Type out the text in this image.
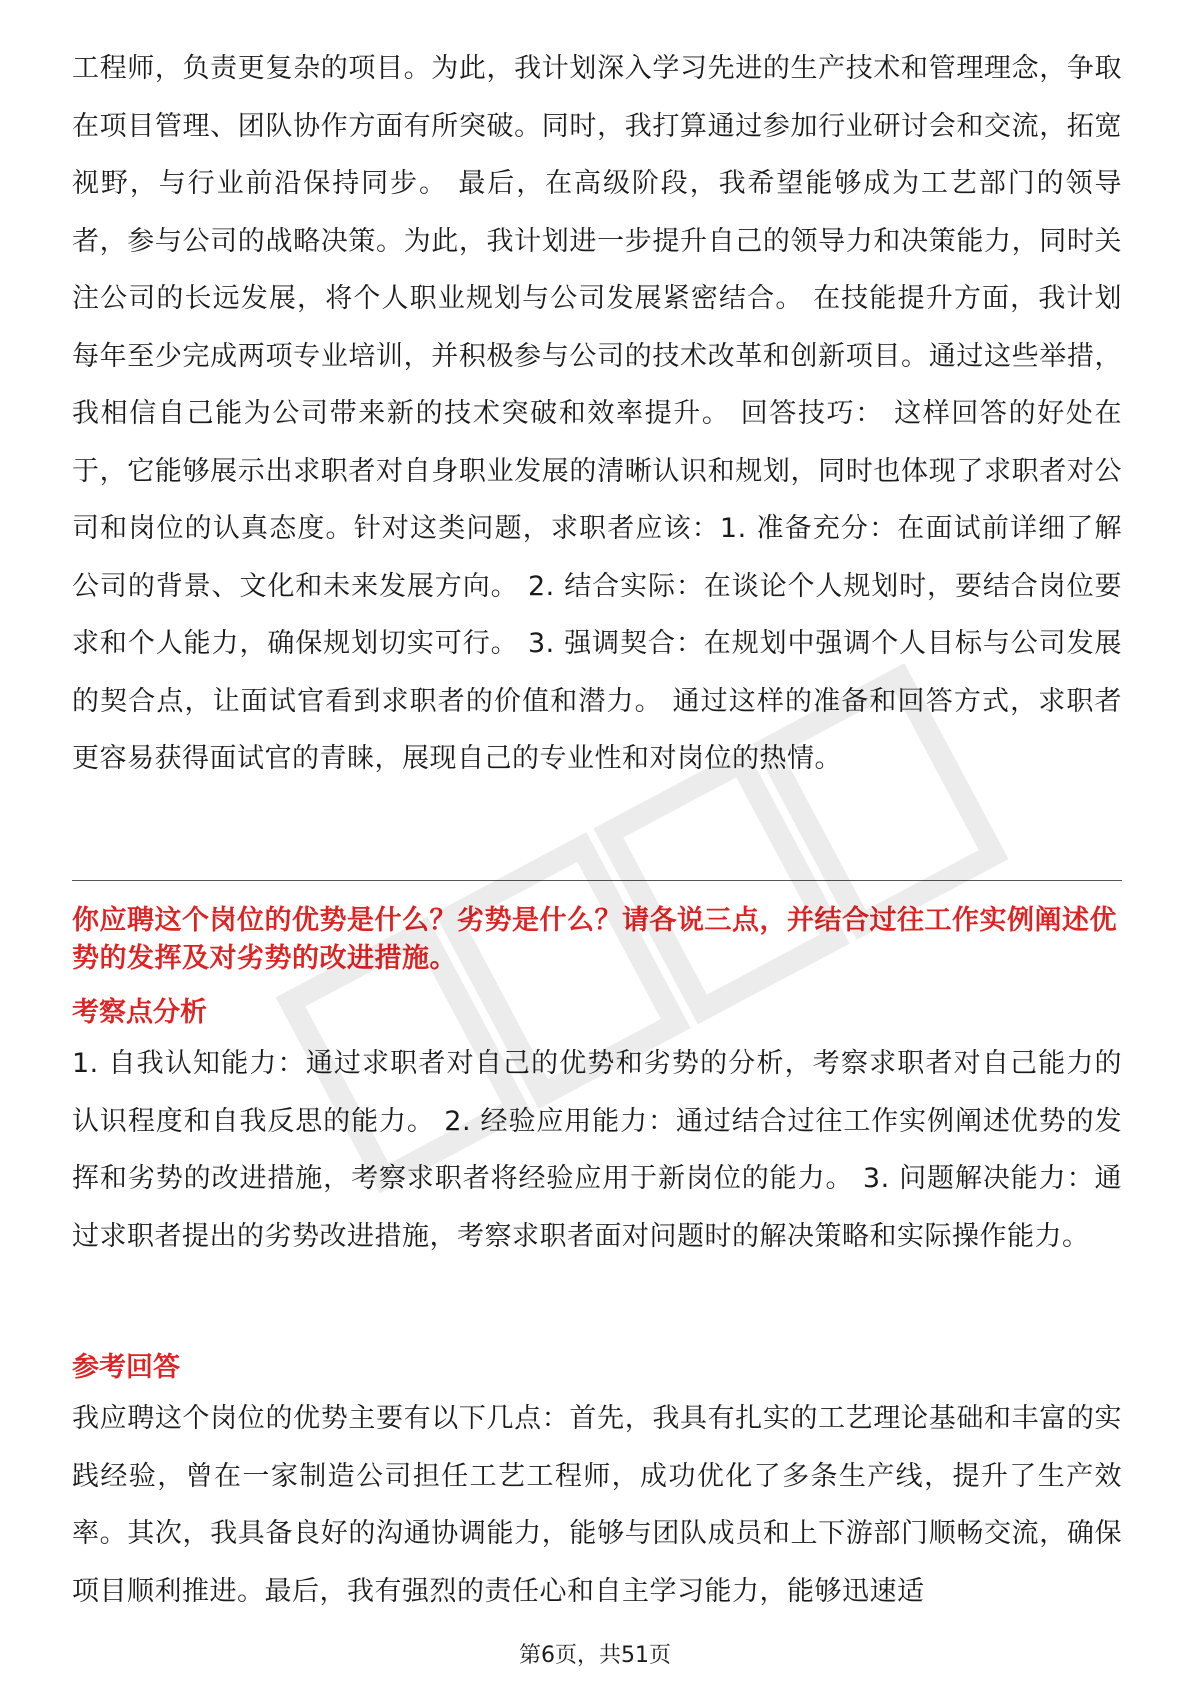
工程师，负责更复杂的项目。为此，我计划深入学习先进的生产技术和管理理念，争取在项目管理、团队协作方面有所突破。同时，我打算通过参加行业研讨会和交流，拓宽视野，与行业前沿保持同步。 最后，在高级阶段，我希望能够成为工艺部门的领导者，参与公司的战略决策。为此，我计划进一步提升自己的领导力和决策能力，同时关注公司的长远发展，将个人职业规划与公司发展紧密结合。 在技能提升方面，我计划每年至少完成两项专业培训，并积极参与公司的技术改革和创新项目。通过这些举措，我相信自己能为公司带来新的技术突破和效率提升。 回答技巧： 这样回答的好处在于，它能够展示出求职者对自身职业发展的清晰认识和规划，同时也体现了求职者对公司和岗位的认真态度。针对这类问题，求职者应该：1. 准备充分：在面试前详细了解公司的背景、文化和未来发展方向。 2. 结合实际：在谈论个人规划时，要结合岗位要求和个人能力，确保规划切实可行。 3. 强调契合：在规划中强调个人目标与公司发展的契合点，让面试官看到求职者的价值和潜力。 通过这样的准备和回答方式，求职者更容易获得面试官的青睐，展现自己的专业性和对岗位的热情。

你应聘这个岗位的优势是什么？劣势是什么？请各说三点，并结合过往工作实例阐述优势的发挥及对劣势的改进措施。

考察点分析

1. 自我认知能力：通过求职者对自己的优势和劣势的分析，考察求职者对自己能力的认识程度和自我反思的能力。 2. 经验应用能力：通过结合过往工作实例阐述优势的发挥和劣势的改进措施，考察求职者将经验应用于新岗位的能力。 3. 问题解决能力：通过求职者提出的劣势改进措施，考察求职者面对问题时的解决策略和实际操作能力。

参考回答

我应聘这个岗位的优势主要有以下几点：首先，我具有扎实的工艺理论基础和丰富的实践经验，曾在一家制造公司担任工艺工程师，成功优化了多条生产线，提升了生产效率。其次，我具备良好的沟通协调能力，能够与团队成员和上下游部门顺畅交流，确保项目顺利推进。最后，我有强烈的责任心和自主学习能力，能够迅速适

第6页，共51页
